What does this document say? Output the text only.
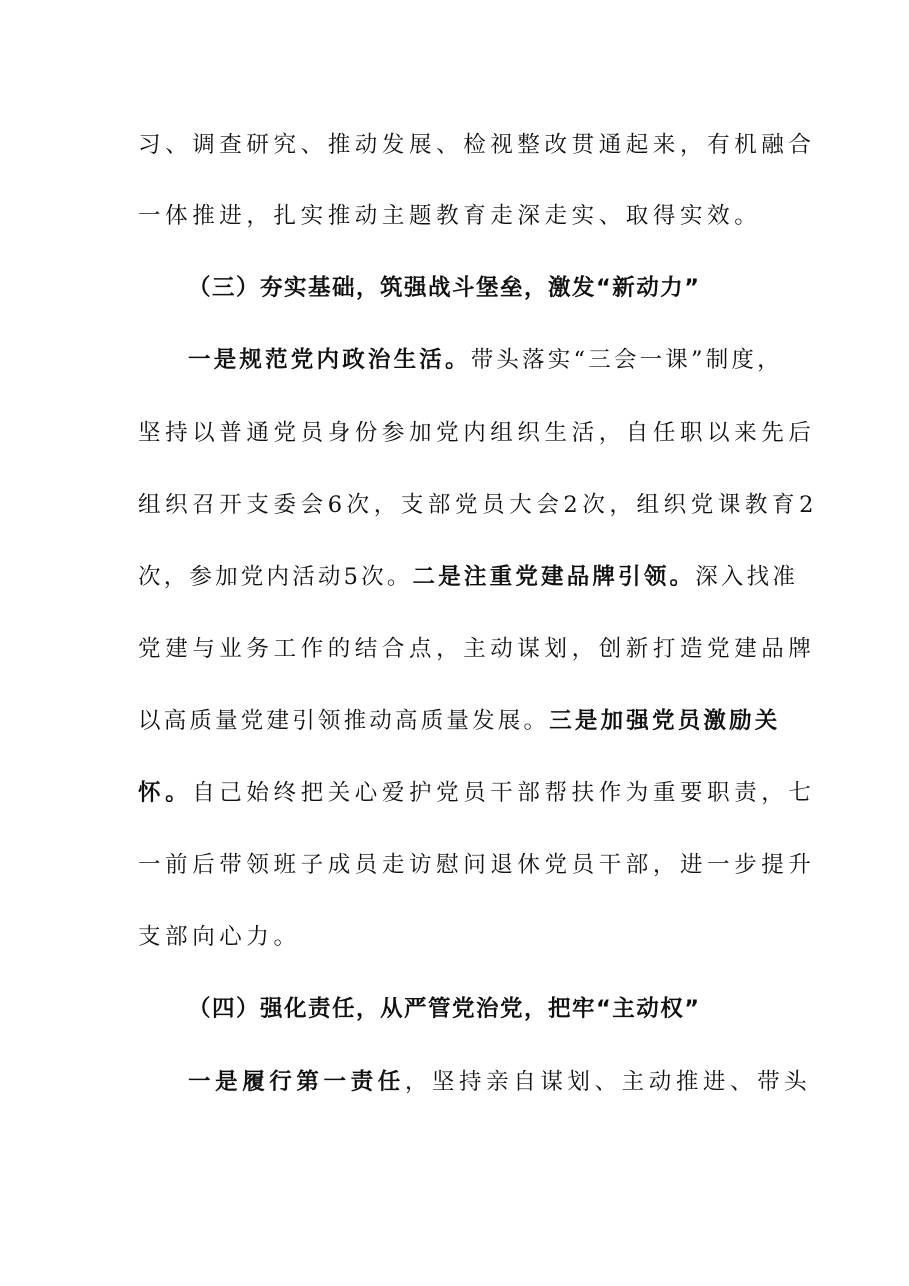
习、调查研究、推动发展、检视整改贯通起来，有机融合
一体推进，扎实推动主题教育走深走实、取得实效。
（三）夯实基础，筑强战斗堡垒，激发“新动力”
一是规范党内政治生活。带头落实“三会一课”制度，
坚持以普通党员身份参加党内组织生活，自任职以来先后
组织召开支委会6次，支部党员大会2次，组织党课教育2
次，参加党内活动5次。二是注重党建品牌引领。深入找准
党建与业务工作的结合点，主动谋划，创新打造党建品牌
以高质量党建引领推动高质量发展。三是加强党员激励关
怀。自己始终把关心爱护党员干部帮扶作为重要职责，七
一前后带领班子成员走访慰问退休党员干部，进一步提升
支部向心力。
（四）强化责任，从严管党治党，把牢“主动权”
一是履行第一责任，坚持亲自谋划、主动推进、带头
